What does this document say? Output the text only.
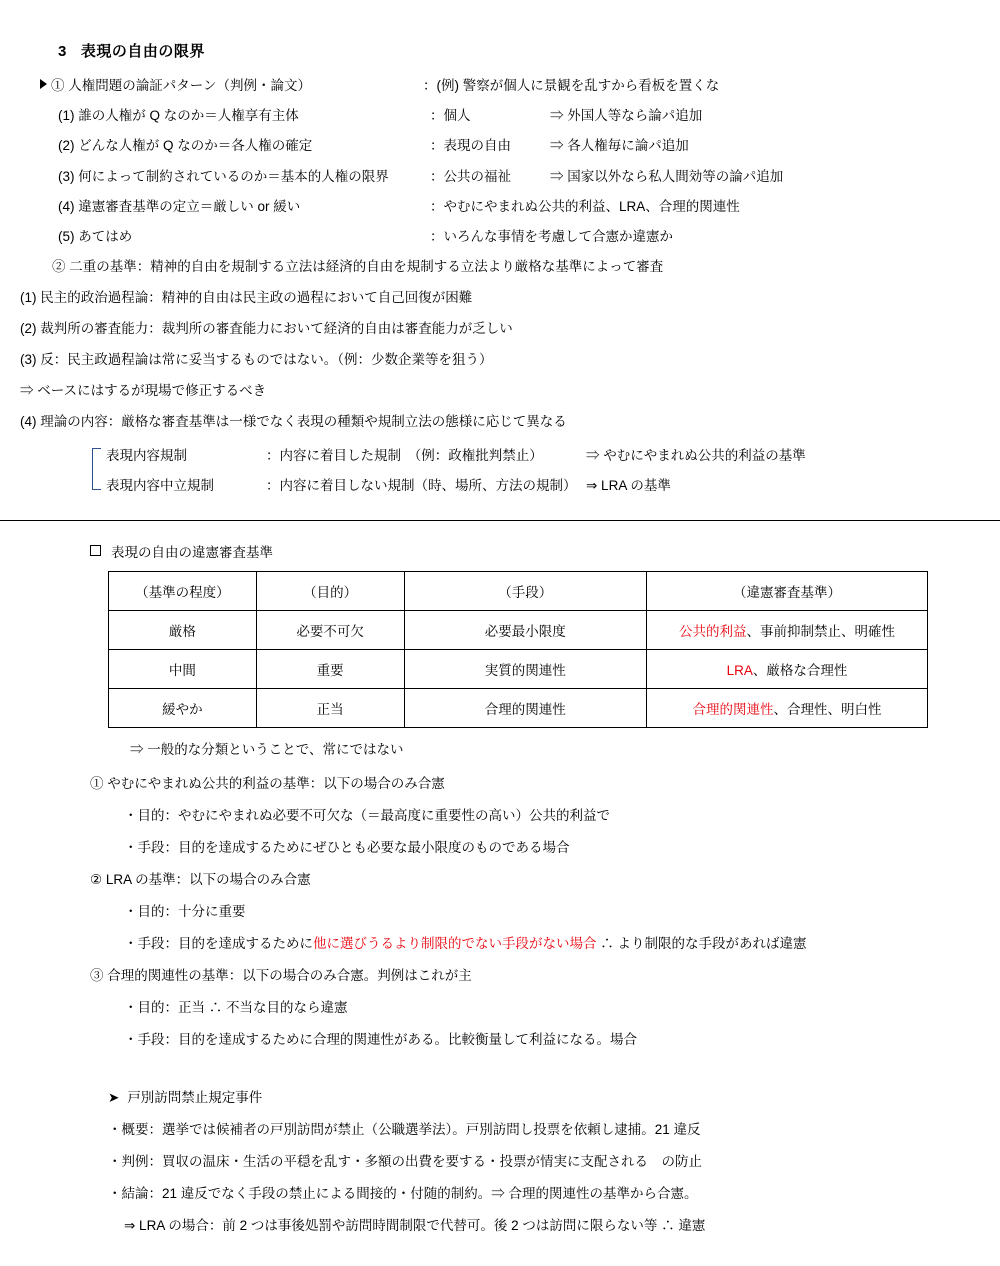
3 表現の自由の限界
① 人権問題の論証パターン（判例・論文）	：(例) 警察が個人に景観を乱すから看板を置くな
(1) 誰の人権が Q なのか＝人権享有主体	：個人	⇒ 外国人等なら論パ追加
(2) どんな人権が Q なのか＝各人権の確定	：表現の自由	⇒ 各人権毎に論パ追加
(3) 何によって制約されているのか＝基本的人権の限界	：公共の福祉	⇒ 国家以外なら私人間効等の論パ追加
(4) 違憲審査基準の定立＝厳しい or 緩い	：やむにやまれぬ公共的利益、LRA、合理的関連性
(5) あてはめ	：いろんな事情を考慮して合憲か違憲か
② 二重の基準：精神的自由を規制する立法は経済的自由を規制する立法より厳格な基準によって審査
(1) 民主的政治過程論：精神的自由は民主政の過程において自己回復が困難
(2) 裁判所の審査能力：裁判所の審査能力において経済的自由は審査能力が乏しい
(3) 反：民主政過程論は常に妥当するものではない。（例：少数企業等を狙う）
⇒ ベースにはするが現場で修正するべき
(4) 理論の内容：厳格な審査基準は一様でなく表現の種類や規制立法の態様に応じて異なる
表現内容規制	：内容に着目した規制　（例：政権批判禁止）	⇒ やむにやまれぬ公共的利益の基準
表現内容中立規制	：内容に着目しない規制（時、場所、方法の規制） ⇒ LRA の基準
表現の自由の違憲審査基準
（基準の程度）	（目的）	（手段）	（違憲審査基準）
厳格	必要不可欠	必要最小限度	公共的利益、事前抑制禁止、明確性
中間	重要	実質的関連性	LRA、厳格な合理性
緩やか	正当	合理的関連性	合理的関連性、合理性、明白性
⇒ 一般的な分類ということで、常にではない
① やむにやまれぬ公共的利益の基準：以下の場合のみ合憲
・目的：やむにやまれぬ必要不可欠な（＝最高度に重要性の高い）公共的利益で
・手段：目的を達成するためにぜひとも必要な最小限度のものである場合
② LRA の基準：以下の場合のみ合憲
・目的：十分に重要
・手段：目的を達成するために他に選びうるより制限的でない手段がない場合 ∴ より制限的な手段があれば違憲
③ 合理的関連性の基準：以下の場合のみ合憲。判例はこれが主
・目的：正当 ∴ 不当な目的なら違憲
・手段：目的を達成するために合理的関連性がある。比較衡量して利益になる。場合
➤ 戸別訪問禁止規定事件
・概要：選挙では候補者の戸別訪問が禁止（公職選挙法）。戸別訪問し投票を依頼し逮捕。21 違反
・判例：買収の温床・生活の平穏を乱す・多額の出費を要する・投票が情実に支配される　の防止
・結論：21 違反でなく手段の禁止による間接的・付随的制約。⇒ 合理的関連性の基準から合憲。
⇒ LRA の場合：前 2 つは事後処罰や訪問時間制限で代替可。後 2 つは訪問に限らない等 ∴ 違憲
